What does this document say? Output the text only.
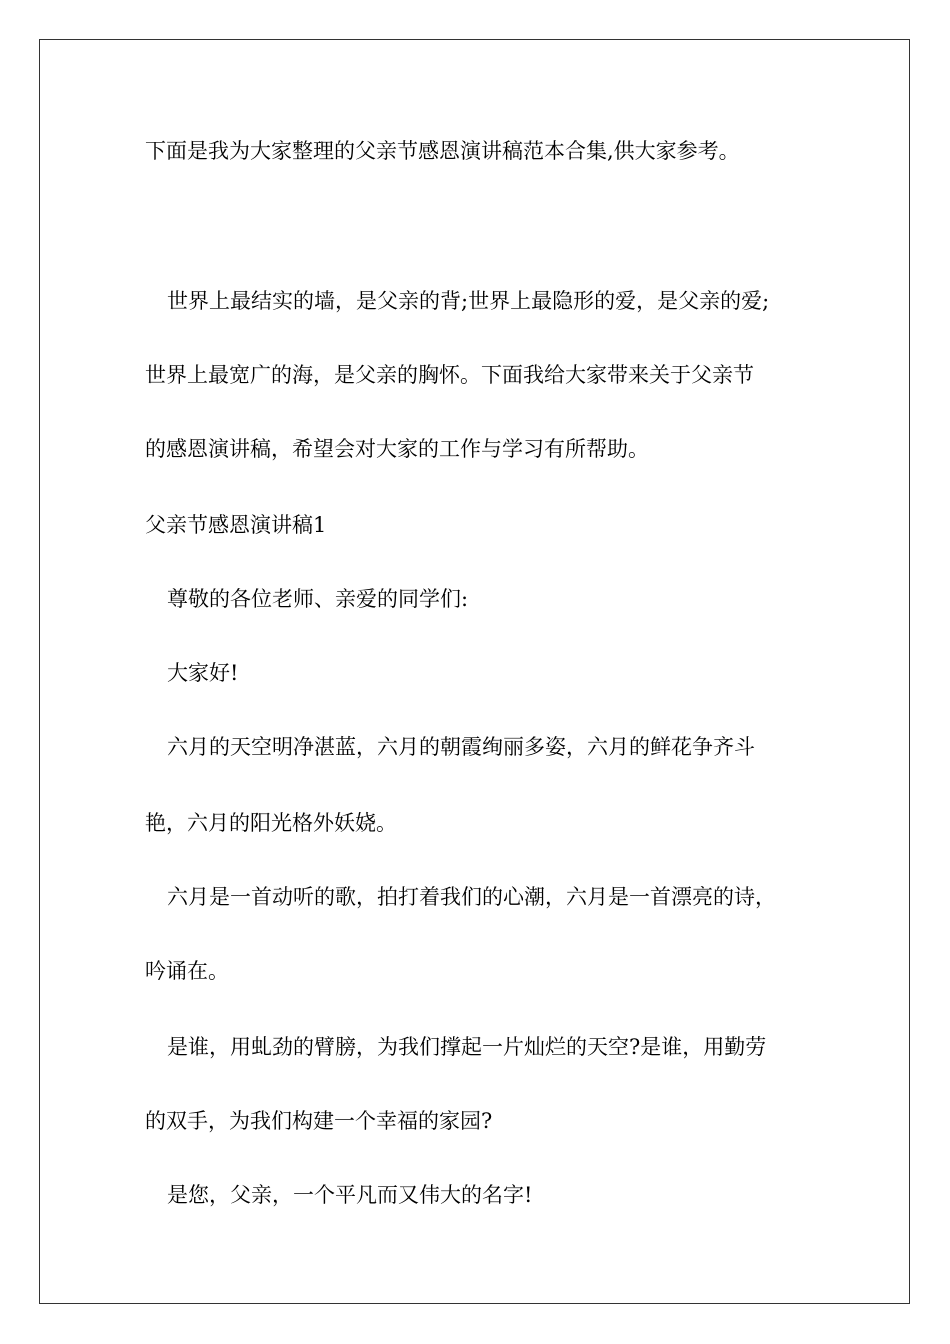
下面是我为大家整理的父亲节感恩演讲稿范本合集,供大家参考。
世界上最结实的墙，是父亲的背;世界上最隐形的爱，是父亲的爱;
世界上最宽广的海，是父亲的胸怀。下面我给大家带来关于父亲节
的感恩演讲稿，希望会对大家的工作与学习有所帮助。
父亲节感恩演讲稿1
尊敬的各位老师、亲爱的同学们:
大家好!
六月的天空明净湛蓝，六月的朝霞绚丽多姿，六月的鲜花争齐斗
艳，六月的阳光格外妖娆。
六月是一首动听的歌，拍打着我们的心潮，六月是一首漂亮的诗，
吟诵在。
是谁，用虬劲的臂膀，为我们撑起一片灿烂的天空?是谁，用勤劳
的双手，为我们构建一个幸福的家园?
是您，父亲，一个平凡而又伟大的名字!
